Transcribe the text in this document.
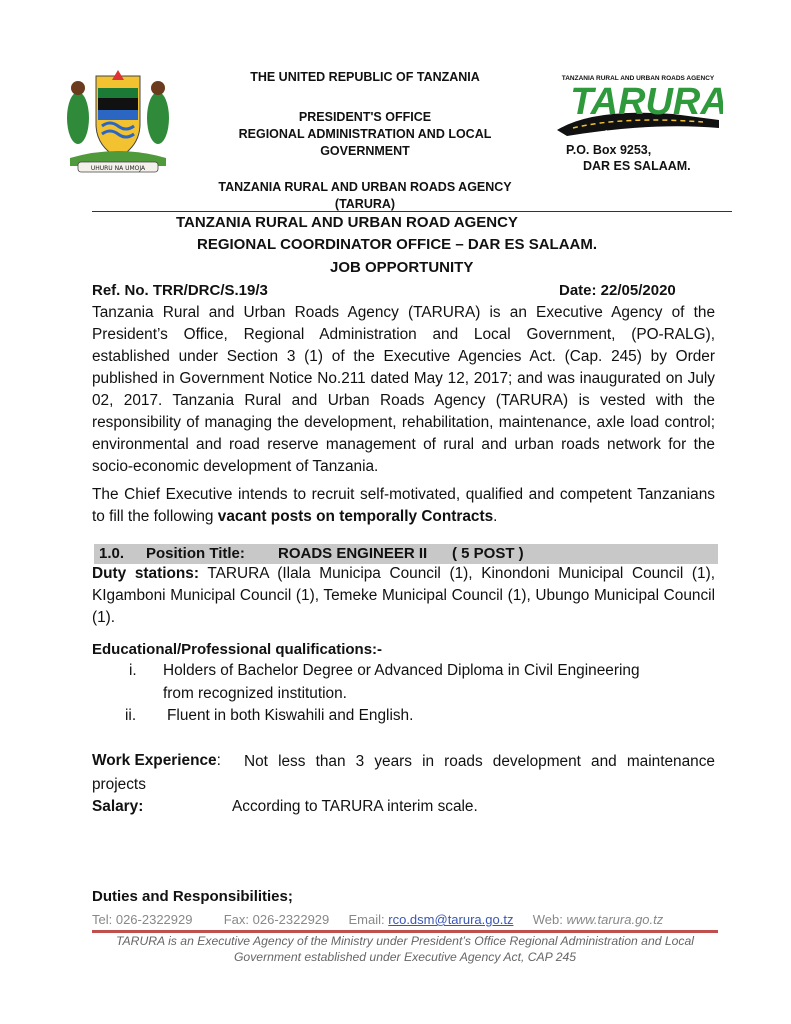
UHURU NA UMOJA
THE UNITED REPUBLIC OF TANZANIA
PRESIDENT'S OFFICE
REGIONAL ADMINISTRATION AND LOCAL
GOVERNMENT
TANZANIA RURAL AND URBAN ROADS AGENCY
(TARURA)
TANZANIA RURAL AND URBAN ROADS AGENCY
TARURA
Improved Roads For Sustainable Development
P.O. Box 9253,
DAR ES SALAAM.
TANZANIA RURAL AND URBAN ROAD AGENCY
REGIONAL COORDINATOR OFFICE – DAR ES SALAAM.
JOB OPPORTUNITY
Ref. No. TRR/DRC/S.19/3	Date: 22/05/2020
Tanzania Rural and Urban Roads Agency (TARURA) is an Executive Agency of the President’s Office, Regional Administration and Local Government, (PO-RALG), established under Section 3 (1) of the Executive Agencies Act. (Cap. 245) by Order published in Government Notice No.211 dated May 12, 2017; and was inaugurated on July 02, 2017. Tanzania Rural and Urban Roads Agency (TARURA) is vested with the responsibility of managing the development, rehabilitation, maintenance, axle load control; environmental and road reserve management of rural and urban roads network for the socio-economic development of Tanzania.
The Chief Executive intends to recruit self-motivated, qualified and competent Tanzanians to fill the following vacant posts on temporally Contracts.
1.0. Position Title: ROADS ENGINEER II ( 5 POST )
Duty stations: TARURA (Ilala Municipa Council (1), Kinondoni Municipal Council (1), KIgamboni Municipal Council (1), Temeke Municipal Council (1), Ubungo Municipal Council (1).
Educational/Professional qualifications:-
i. Holders of Bachelor Degree or Advanced Diploma in Civil Engineering
from recognized institution.
ii. Fluent in both Kiswahili and English.
Work Experience:	Not less than 3 years in roads development and maintenance projects
Salary:	According to TARURA interim scale.
Duties and Responsibilities;
Tel: 026-2322929 Fax: 026-2322929 Email: rco.dsm@tarura.go.tz Web: www.tarura.go.tz
TARURA is an Executive Agency of the Ministry under President’s Office Regional Administration and Local
Government established under Executive Agency Act, CAP 245
